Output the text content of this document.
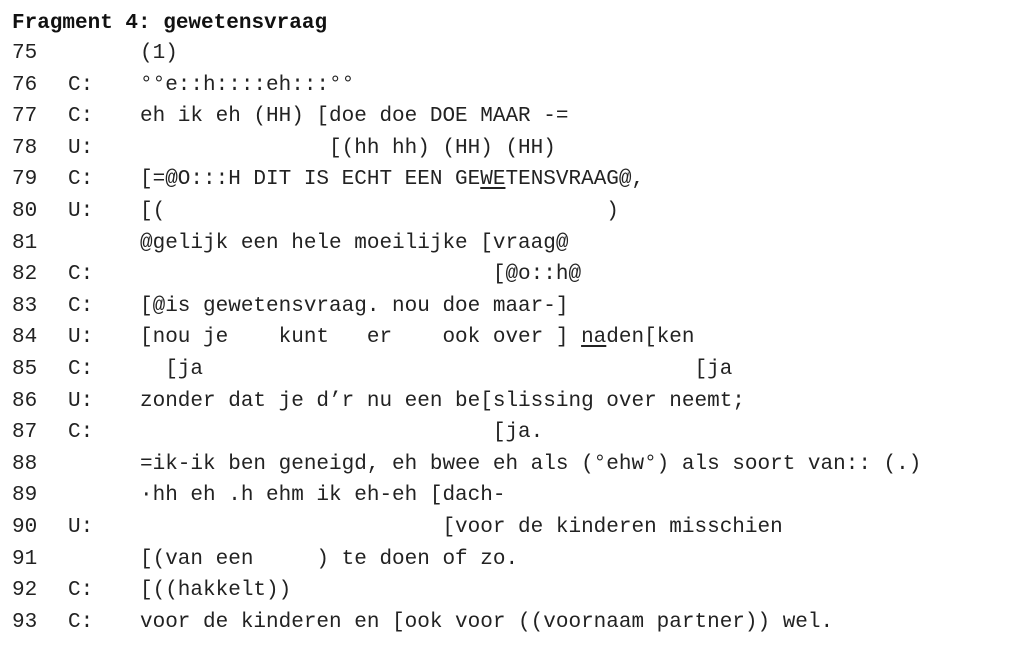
Fragment 4: gewetensvraag
75	(1)
76 C: °°e::h::::eh:::°°
77 C: eh ik eh (HH) [doe doe DOE MAAR -=
78 U: [(hh hh) (HH) (HH)
79 C: [=@O:::H DIT IS ECHT EEN GEWETENSVRAAG@,
80 U: [(                                   )
81	@gelijk een hele moeilijke [vraag@
82 C: [@o::h@
83 C: [@is gewetensvraag. nou doe maar-]
84 U: [nou je    kunt   er    ook over ] naden[ken
85 C: [ja                                       [ja
86 U: zonder dat je d’r nu een be[slissing over neemt;
87 C: [ja.
88	=ik-ik ben geneigd, eh bwee eh als (°ehw°) als soort van:: (.)
89	·hh eh .h ehm ik eh-eh [dach-
90 U: [voor de kinderen misschien
91	[(van een     ) te doen of zo.
92 C: [((hakkelt))
93 C: voor de kinderen en [ook voor ((voornaam partner)) wel.
